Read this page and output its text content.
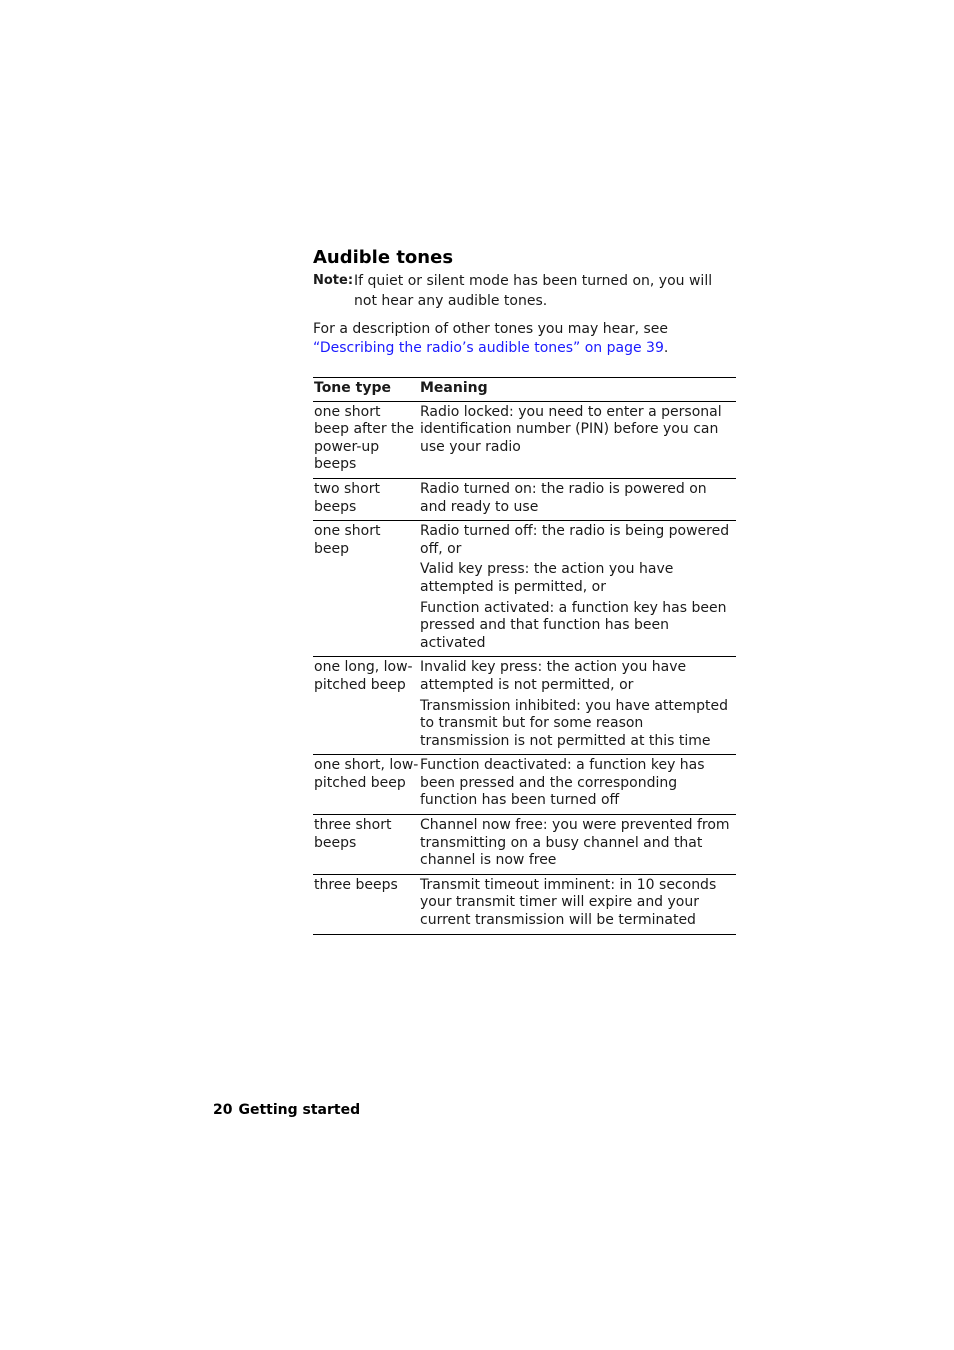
Audible tones
Note: If quiet or silent mode has been turned on, you will not hear any audible tones.
For a description of other tones you may hear, see “Describing the radio’s audible tones” on page 39.
Tone type	Meaning
one short beep after the power-up beeps	Radio locked: you need to enter a personal identification number (PIN) before you can use your radio

two short beeps	Radio turned on: the radio is powered on and ready to use

one short beep	Radio turned off: the radio is being powered off, or
Valid key press: the action you have attempted is permitted, or
Function activated: a function key has been pressed and that function has been activated

one long, low-pitched beep	Invalid key press: the action you have attempted is not permitted, or
Transmission inhibited: you have attempted to transmit but for some reason transmission is not permitted at this time

one short, low-pitched beep	Function deactivated: a function key has been pressed and the corresponding function has been turned off

three short beeps	Channel now free: you were prevented from transmitting on a busy channel and that channel is now free

three beeps	Transmit timeout imminent: in 10 seconds your transmit timer will expire and your current transmission will be terminated
20 Getting started
